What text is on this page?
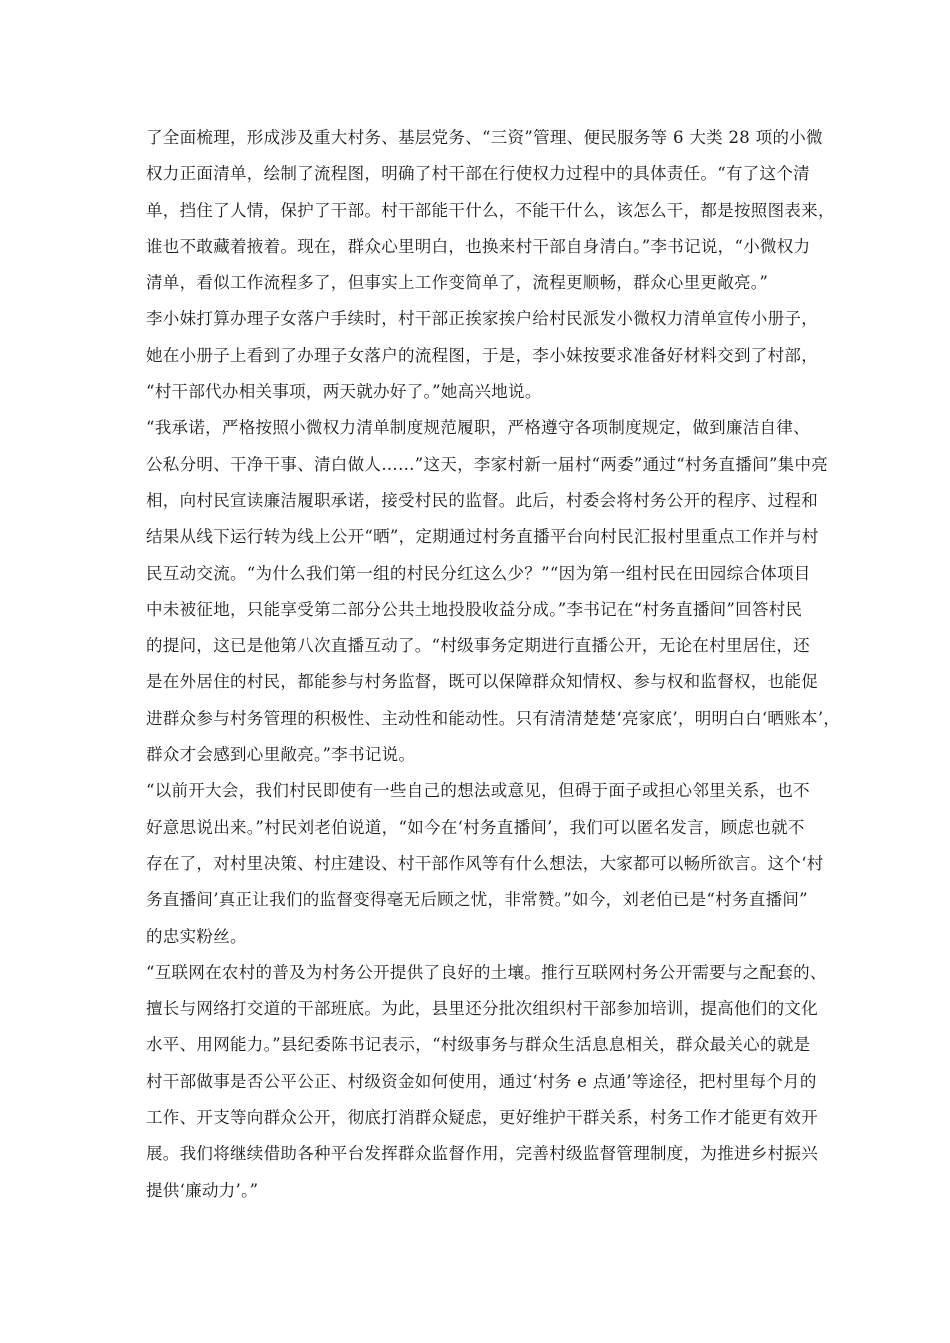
了全面梳理，形成涉及重大村务、基层党务、“三资”管理、便民服务等 6 大类 28 项的小微
权力正面清单，绘制了流程图，明确了村干部在行使权力过程中的具体责任。“有了这个清
单，挡住了人情，保护了干部。村干部能干什么，不能干什么，该怎么干，都是按照图表来，
谁也不敢藏着掖着。现在，群众心里明白，也换来村干部自身清白。”李书记说，“小微权力
清单，看似工作流程多了，但事实上工作变简单了，流程更顺畅，群众心里更敞亮。”
李小妹打算办理子女落户手续时，村干部正挨家挨户给村民派发小微权力清单宣传小册子，
她在小册子上看到了办理子女落户的流程图，于是，李小妹按要求准备好材料交到了村部，
“村干部代办相关事项，两天就办好了。”她高兴地说。
“我承诺，严格按照小微权力清单制度规范履职，严格遵守各项制度规定，做到廉洁自律、
公私分明、干净干事、清白做人……”这天，李家村新一届村“两委”通过“村务直播间”集中亮
相，向村民宣读廉洁履职承诺，接受村民的监督。此后，村委会将村务公开的程序、过程和
结果从线下运行转为线上公开“晒”，定期通过村务直播平台向村民汇报村里重点工作并与村
民互动交流。“为什么我们第一组的村民分红这么少？”“因为第一组村民在田园综合体项目
中未被征地，只能享受第二部分公共土地投股收益分成。”李书记在“村务直播间”回答村民
的提问，这已是他第八次直播互动了。“村级事务定期进行直播公开，无论在村里居住，还
是在外居住的村民，都能参与村务监督，既可以保障群众知情权、参与权和监督权，也能促
进群众参与村务管理的积极性、主动性和能动性。只有清清楚楚‘亮家底’，明明白白‘晒账本’，
群众才会感到心里敞亮。”李书记说。
“以前开大会，我们村民即使有一些自己的想法或意见，但碍于面子或担心邻里关系，也不
好意思说出来。”村民刘老伯说道，“如今在‘村务直播间’，我们可以匿名发言，顾虑也就不
存在了，对村里决策、村庄建设、村干部作风等有什么想法，大家都可以畅所欲言。这个‘村
务直播间’真正让我们的监督变得毫无后顾之忧，非常赞。”如今，刘老伯已是“村务直播间”
的忠实粉丝。
“互联网在农村的普及为村务公开提供了良好的土壤。推行互联网村务公开需要与之配套的、
擅长与网络打交道的干部班底。为此，县里还分批次组织村干部参加培训，提高他们的文化
水平、用网能力。”县纪委陈书记表示，“村级事务与群众生活息息相关，群众最关心的就是
村干部做事是否公平公正、村级资金如何使用，通过‘村务 e 点通’等途径，把村里每个月的
工作、开支等向群众公开，彻底打消群众疑虑，更好维护干群关系，村务工作才能更有效开
展。我们将继续借助各种平台发挥群众监督作用，完善村级监督管理制度，为推进乡村振兴
提供‘廉动力’。”
